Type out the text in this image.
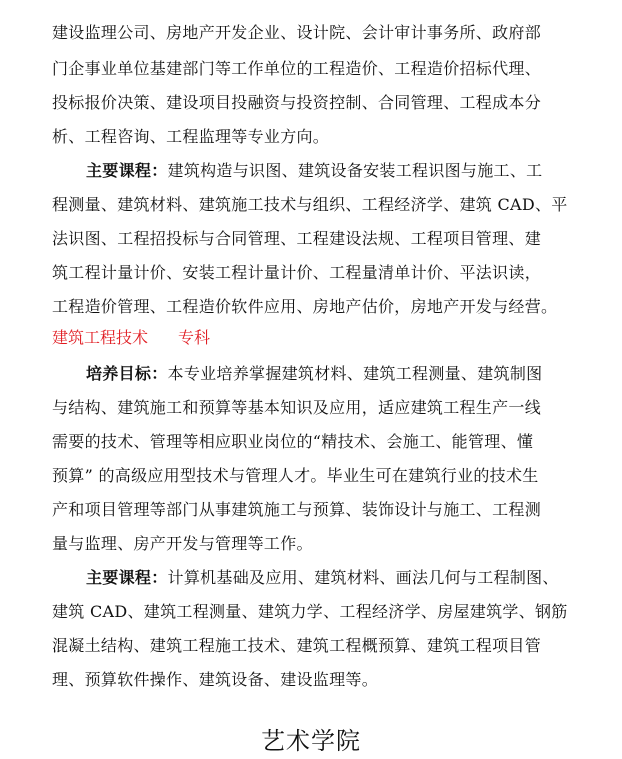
建设监理公司、房地产开发企业、设计院、会计审计事务所、政府部
门企事业单位基建部门等工作单位的工程造价、工程造价招标代理、
投标报价决策、建设项目投融资与投资控制、合同管理、工程成本分
析、工程咨询、工程监理等专业方向。
主要课程：建筑构造与识图、建筑设备安装工程识图与施工、工
程测量、建筑材料、建筑施工技术与组织、工程经济学、建筑 CAD、平
法识图、工程招投标与合同管理、工程建设法规、工程项目管理、建
筑工程计量计价、安装工程计量计价、工程量清单计价、平法识读，
工程造价管理、工程造价软件应用、房地产估价，房地产开发与经营。
建筑工程技术 专科
培养目标：本专业培养掌握建筑材料、建筑工程测量、建筑制图
与结构、建筑施工和预算等基本知识及应用，适应建筑工程生产一线
需要的技术、管理等相应职业岗位的“精技术、会施工、能管理、懂
预算” 的高级应用型技术与管理人才。毕业生可在建筑行业的技术生
产和项目管理等部门从事建筑施工与预算、装饰设计与施工、工程测
量与监理、房产开发与管理等工作。
主要课程：计算机基础及应用、建筑材料、画法几何与工程制图、
建筑 CAD、建筑工程测量、建筑力学、工程经济学、房屋建筑学、钢筋
混凝土结构、建筑工程施工技术、建筑工程概预算、建筑工程项目管
理、预算软件操作、建筑设备、建设监理等。
艺术学院
